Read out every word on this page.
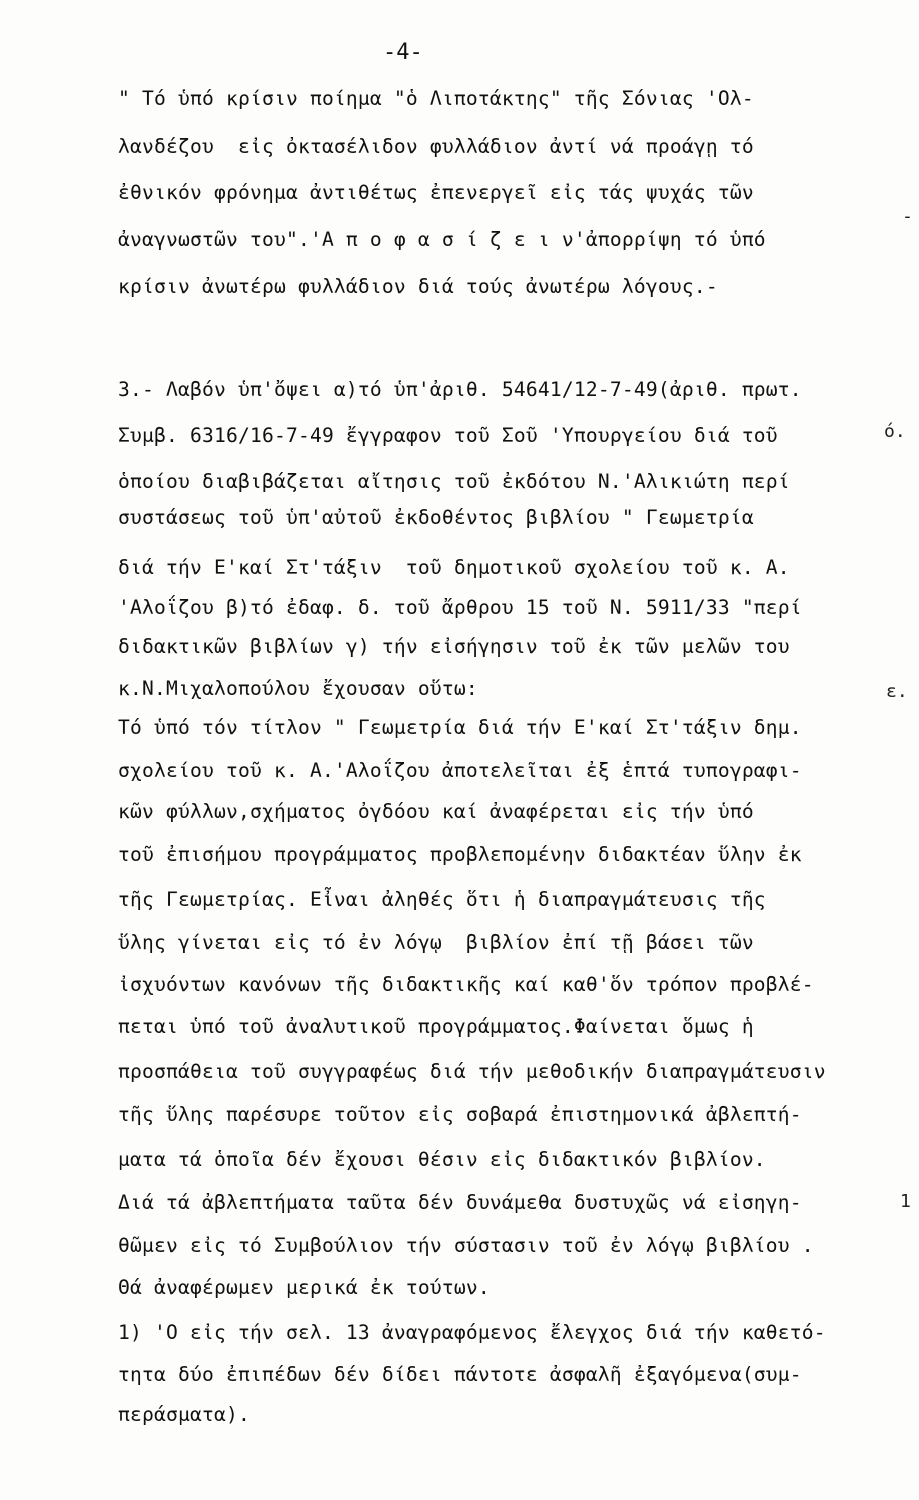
-4-
" Τό ὑπό κρίσιν ποίημα "ὁ Λιποτάκτης" τῆς Σόνιας 'Ολ-
λανδέζου  εἰς ὀκτασέλιδον φυλλάδιον ἀντί νά προάγῃ τό
ἐθνικόν φρόνημα ἀντιθέτως ἐπενεργεῖ εἰς τάς ψυχάς τῶν
ἀναγνωστῶν του".'Α π ο φ α σ ί ζ ε ι ν'ἀπορρίψη τό ὑπό
κρίσιν ἀνωτέρω φυλλάδιον διά τούς ἀνωτέρω λόγους.-
3.- Λαβόν ὑπ'ὄψει α)τό ὑπ'ἀριθ. 54641/12-7-49(ἀριθ. πρωτ.
Συμβ. 6316/16-7-49 ἔγγραφον τοῦ Σοῦ 'Υπουργείου διά τοῦ
ὁποίου διαβιβάζεται αἴτησις τοῦ ἐκδότου Ν.'Αλικιώτη περί
συστάσεως τοῦ ὑπ'αὐτοῦ ἐκδοθέντος βιβλίου " Γεωμετρία
διά τήν Ε'καί Στ'τάξιν  τοῦ δημοτικοῦ σχολείου τοῦ κ. Α.
'Αλοΐζου β)τό ἐδαφ. δ. τοῦ ἄρθρου 15 τοῦ Ν. 5911/33 "περί
διδακτικῶν βιβλίων γ) τήν εἰσήγησιν τοῦ ἐκ τῶν μελῶν του
κ.Ν.Μιχαλοπούλου ἔχουσαν οὕτω:
Τό ὑπό τόν τίτλον " Γεωμετρία διά τήν Ε'καί Στ'τάξιν δημ.
σχολείου τοῦ κ. Α.'Αλοΐζου ἀποτελεῖται ἐξ ἑπτά τυπογραφι-
κῶν φύλλων,σχήματος ὀγδόου καί ἀναφέρεται εἰς τήν ὑπό
τοῦ ἐπισήμου προγράμματος προβλεπομένην διδακτέαν ὕλην ἐκ
τῆς Γεωμετρίας. Εἶναι ἀληθές ὅτι ἡ διαπραγμάτευσις τῆς
ὕλης γίνεται εἰς τό ἐν λόγῳ  βιβλίον ἐπί τῇ βάσει τῶν
ἰσχυόντων κανόνων τῆς διδακτικῆς καί καθ'ὅν τρόπον προβλέ-
πεται ὑπό τοῦ ἀναλυτικοῦ προγράμματος.Φαίνεται ὅμως ἡ
προσπάθεια τοῦ συγγραφέως διά τήν μεθοδικήν διαπραγμάτευσιν
τῆς ὕλης παρέσυρε τοῦτον εἰς σοβαρά ἐπιστημονικά ἀβλεπτή-
ματα τά ὁποῖα δέν ἔχουσι θέσιν εἰς διδακτικόν βιβλίον.
Διά τά ἀβλεπτήματα ταῦτα δέν δυνάμεθα δυστυχῶς νά εἰσηγη-
θῶμεν εἰς τό Συμβούλιον τήν σύστασιν τοῦ ἐν λόγῳ βιβλίου .
Θά ἀναφέρωμεν μερικά ἐκ τούτων.
1) 'Ο εἰς τήν σελ. 13 ἀναγραφόμενος ἔλεγχος διά τήν καθετό-
τητα δύο ἐπιπέδων δέν δίδει πάντοτε ἀσφαλῆ ἐξαγόμενα(συμ-
περάσματα).
ό.
ε.
-
1
